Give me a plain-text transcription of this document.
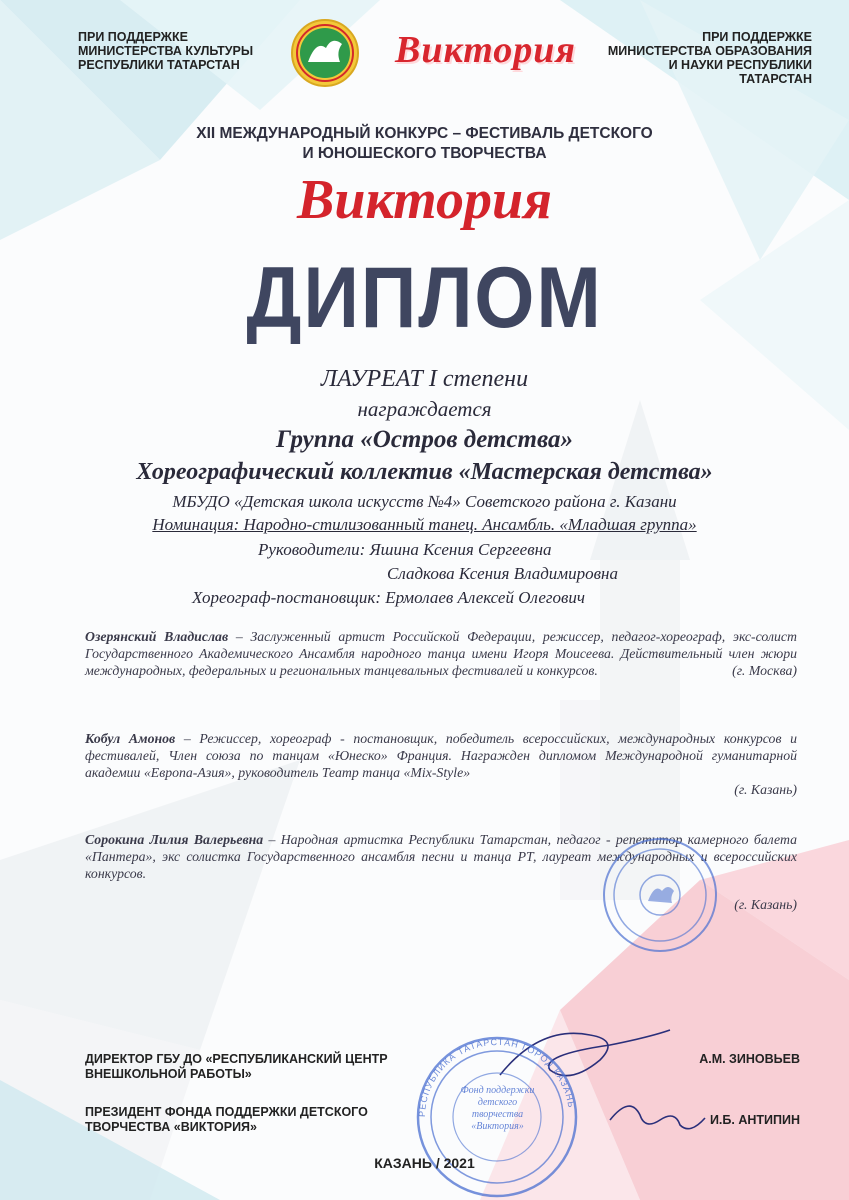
ПРИ ПОДДЕРЖКЕ МИНИСТЕРСТВА КУЛЬТУРЫ РЕСПУБЛИКИ ТАТАРСТАН	Виктория	ПРИ ПОДДЕРЖКЕ МИНИСТЕРСТВА ОБРАЗОВАНИЯ И НАУКИ РЕСПУБЛИКИ ТАТАРСТАН
XII МЕЖДУНАРОДНЫЙ КОНКУРС – ФЕСТИВАЛЬ ДЕТСКОГО
И ЮНОШЕСКОГО ТВОРЧЕСТВА
Виктория
ДИПЛОМ
ЛАУРЕАТ I степени
награждается
Группа «Остров детства»
Хореографический коллектив «Мастерская детства»
МБУДО «Детская школа искусств №4» Советского района г. Казани
Номинация: Народно-стилизованный танец. Ансамбль. «Младшая группа»
Руководители: Яшина Ксения Сергеевна
Сладкова Ксения Владимировна
Хореограф-постановщик: Ермолаев Алексей Олегович

Озерянский Владислав – Заслуженный артист Российской Федерации, режиссер, педагог-хореограф, экс-солист Государственного Академического Ансамбля народного танца имени Игоря Моисеева. Действительный член жюри международных, федеральных и региональных танцевальных фестивалей и конкурсов.	(г. Москва)

Кобул Амонов – Режиссер, хореограф - постановщик, победитель всероссийских, международных конкурсов и фестивалей, Член союза по танцам «Юнеско» Франция. Награжден дипломом Международной гуманитарной академии «Европа-Азия», руководитель Театр танца «Mix-Style»

(г. Казань)

Сорокина Лилия Валерьевна – Народная артистка Республики Татарстан, педагог - репетитор камерного балета «Пантера», экс солистка Государственного ансамбля песни и танца РТ, лауреат международных и всероссийских конкурсов.

(г. Казань)
ДИРЕКТОР ГБУ ДО «РЕСПУБЛИКАНСКИЙ ЦЕНТР ВНЕШКОЛЬНОЙ РАБОТЫ»
А.М. ЗИНОВЬЕВ
ПРЕЗИДЕНТ ФОНДА ПОДДЕРЖКИ ДЕТСКОГО ТВОРЧЕСТВА «ВИКТОРИЯ»	И.Б. АНТИПИН
РЕСПУБЛИКА ТАТАРСТАН ГОРОД КАЗАНЬ
Фонд поддержки детского творчества «Виктория»
КАЗАНЬ / 2021
